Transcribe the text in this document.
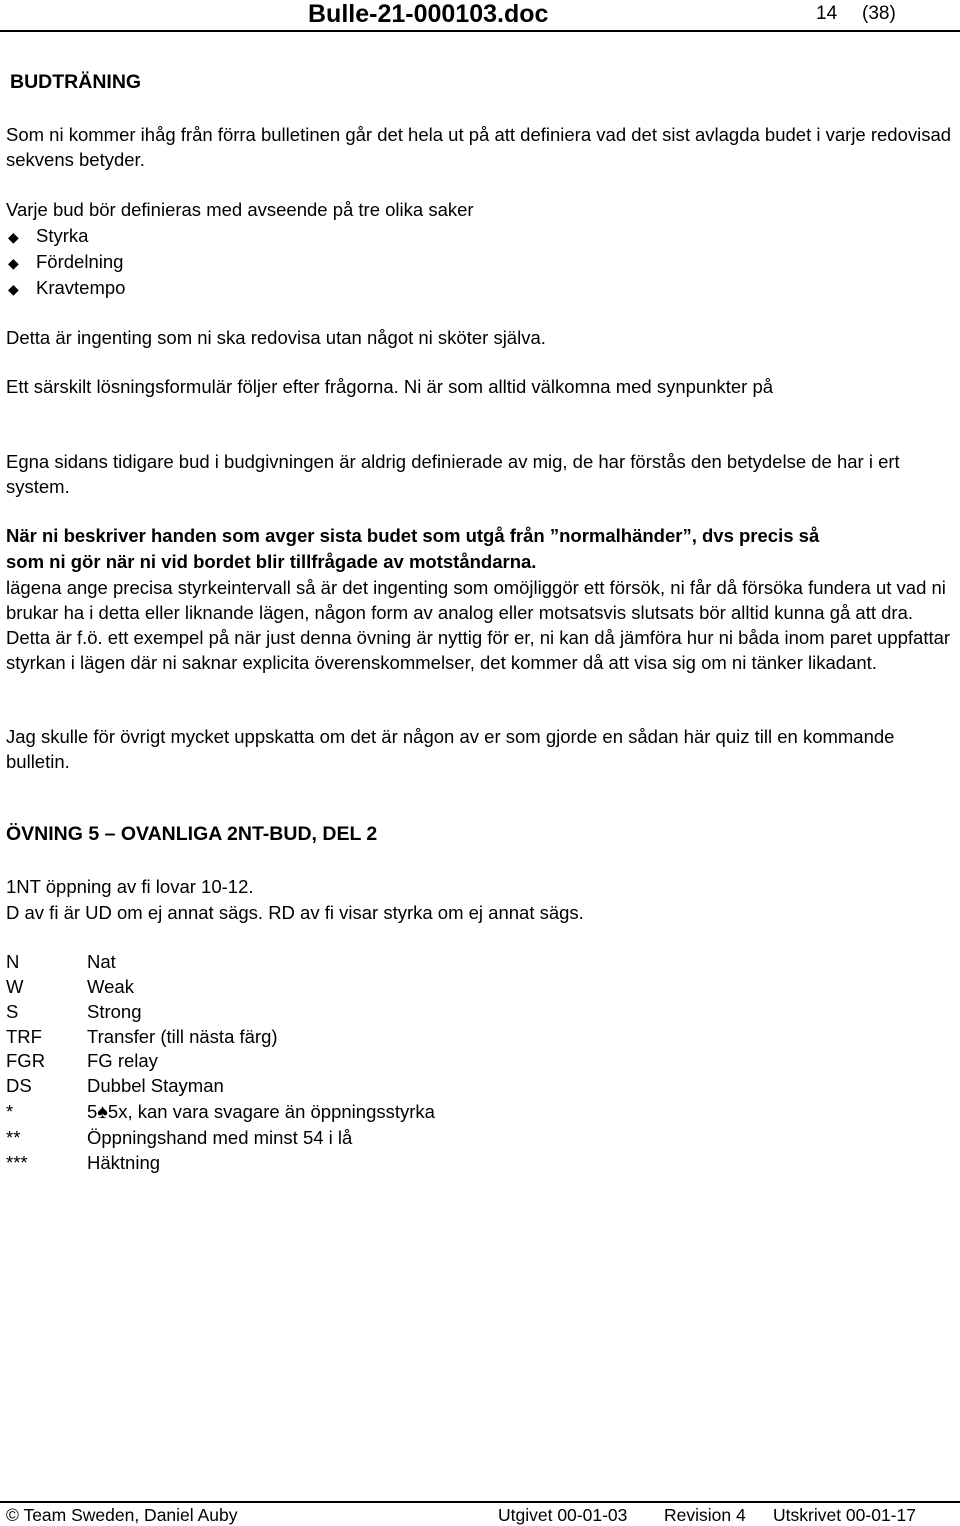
Bulle-21-000103.doc	14 (38)
BUDTRÄNING
Som ni kommer ihåg från förra bulletinen går det hela ut på att definiera vad det sist avlagda budet i varje redovisad sekvens betyder.
Varje bud bör definieras med avseende på tre olika saker
◆ Styrka
◆ Fördelning
◆ Kravtempo
Detta är ingenting som ni ska redovisa utan något ni sköter själva.
Ett särskilt lösningsformulär följer efter frågorna. Ni är som alltid välkomna med synpunkter på
Egna sidans tidigare bud i budgivningen är aldrig definierade av mig, de har förstås den betydelse de har i ert system.
När ni beskriver handen som avger sista budet som utgå från ”normalhänder”, dvs precis så
som ni gör när ni vid bordet blir tillfrågade av motståndarna.
lägena ange precisa styrkeintervall så är det ingenting som omöjliggör ett försök, ni får då försöka fundera ut vad ni brukar ha i detta eller liknande lägen, någon form av analog eller motsatsvis slutsats bör alltid kunna gå att dra. Detta är f.ö. ett exempel på när just denna övning är nyttig för er, ni kan då jämföra hur ni båda inom paret uppfattar styrkan i lägen där ni saknar explicita överenskommelser, det kommer då att visa sig om ni tänker likadant.
Jag skulle för övrigt mycket uppskatta om det är någon av er som gjorde en sådan här quiz till en kommande bulletin.
ÖVNING 5 – OVANLIGA 2NT-BUD, DEL 2
1NT öppning av fi lovar 10-12.
D av fi är UD om ej annat sägs. RD av fi visar styrka om ej annat sägs.
N	Nat
W	Weak
S	Strong
TRF Transfer (till nästa färg)
FGR FG relay
DS	Dubbel Stayman
*	5♠5x, kan vara svagare än öppningsstyrka
**	Öppningshand med minst 54 i lå
***	Häktning
© Team Sweden, Daniel Auby	Utgivet 00-01-03 Revision 4 Utskrivet 00-01-17
